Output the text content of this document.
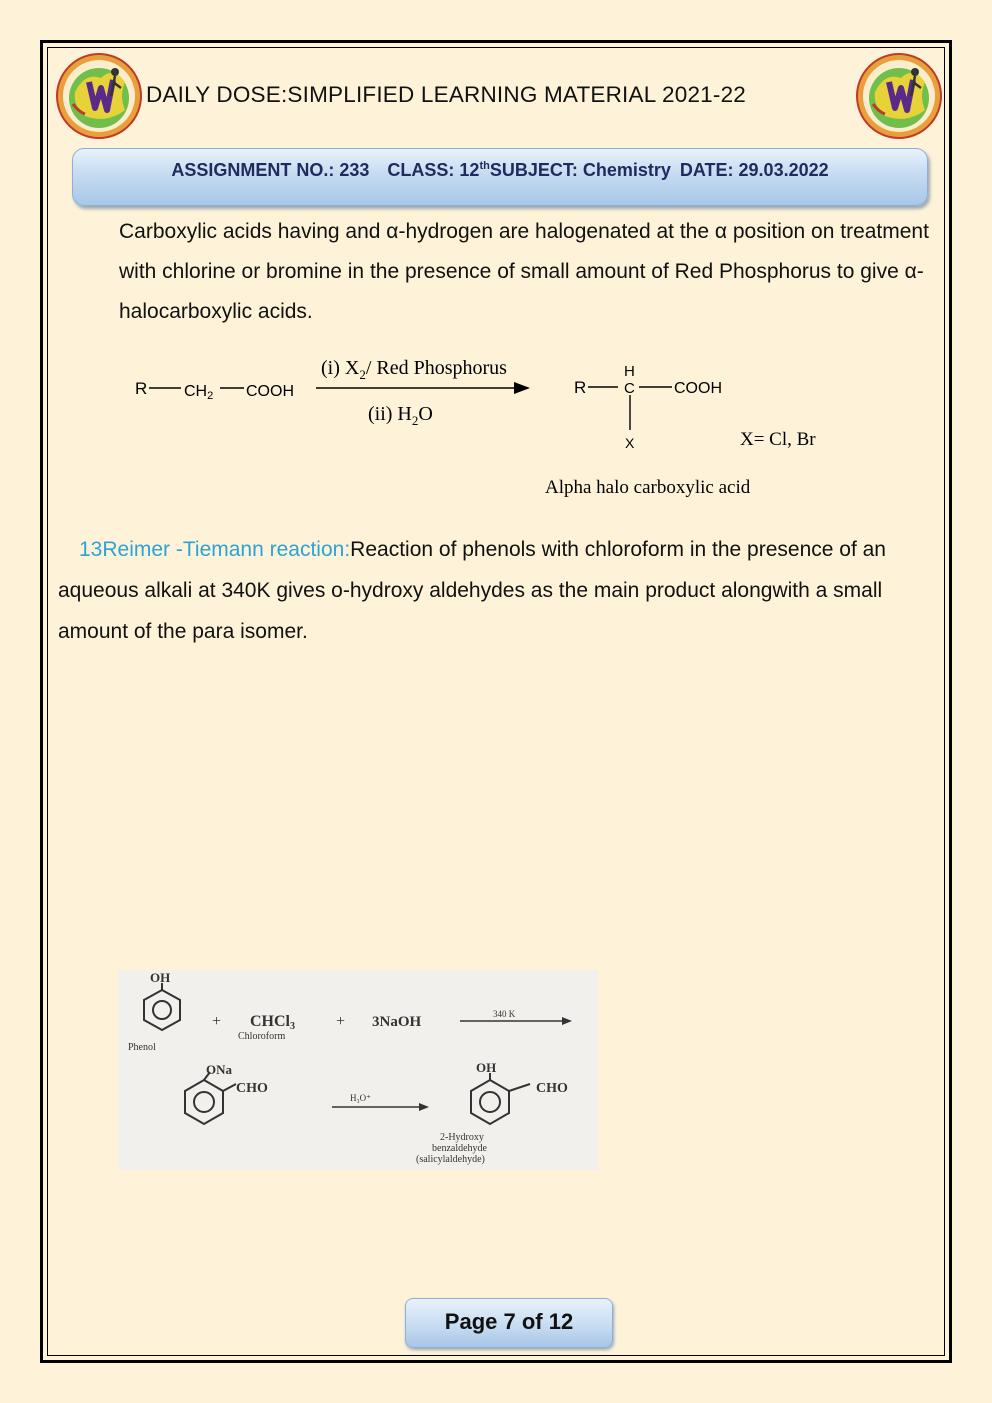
DAILY DOSE:SIMPLIFIED LEARNING MATERIAL 2021-22
ASSIGNMENT NO.: 233 CLASS: 12thSUBJECT: Chemistry DATE: 29.03.2022
Carboxylic acids having and α-hydrogen are halogenated at the α position on treatment with chlorine or bromine in the presence of small amount of Red Phosphorus to give α-halocarboxylic acids.
R CH2 COOH
(i) $X_2/$ Red Phosphorus
(ii) $H_2O$
R
H
C COOH
X	X= Cl, Br
Alpha halo carboxylic acid
13Reimer -Tiemann reaction:Reaction of phenols with chloroform in the presence of an aqueous alkali at 340K gives o-hydroxy aldehydes as the main product alongwith a small amount of the para isomer.
OH
Phenol
+ CHCl3
Chloroform
+ 3NaOH	340 K
ONa
CHO
H₃O⁺
OH
CHO
2-Hydroxy
benzaldehyde
(salicylaldehyde)
Page 7 of 12
